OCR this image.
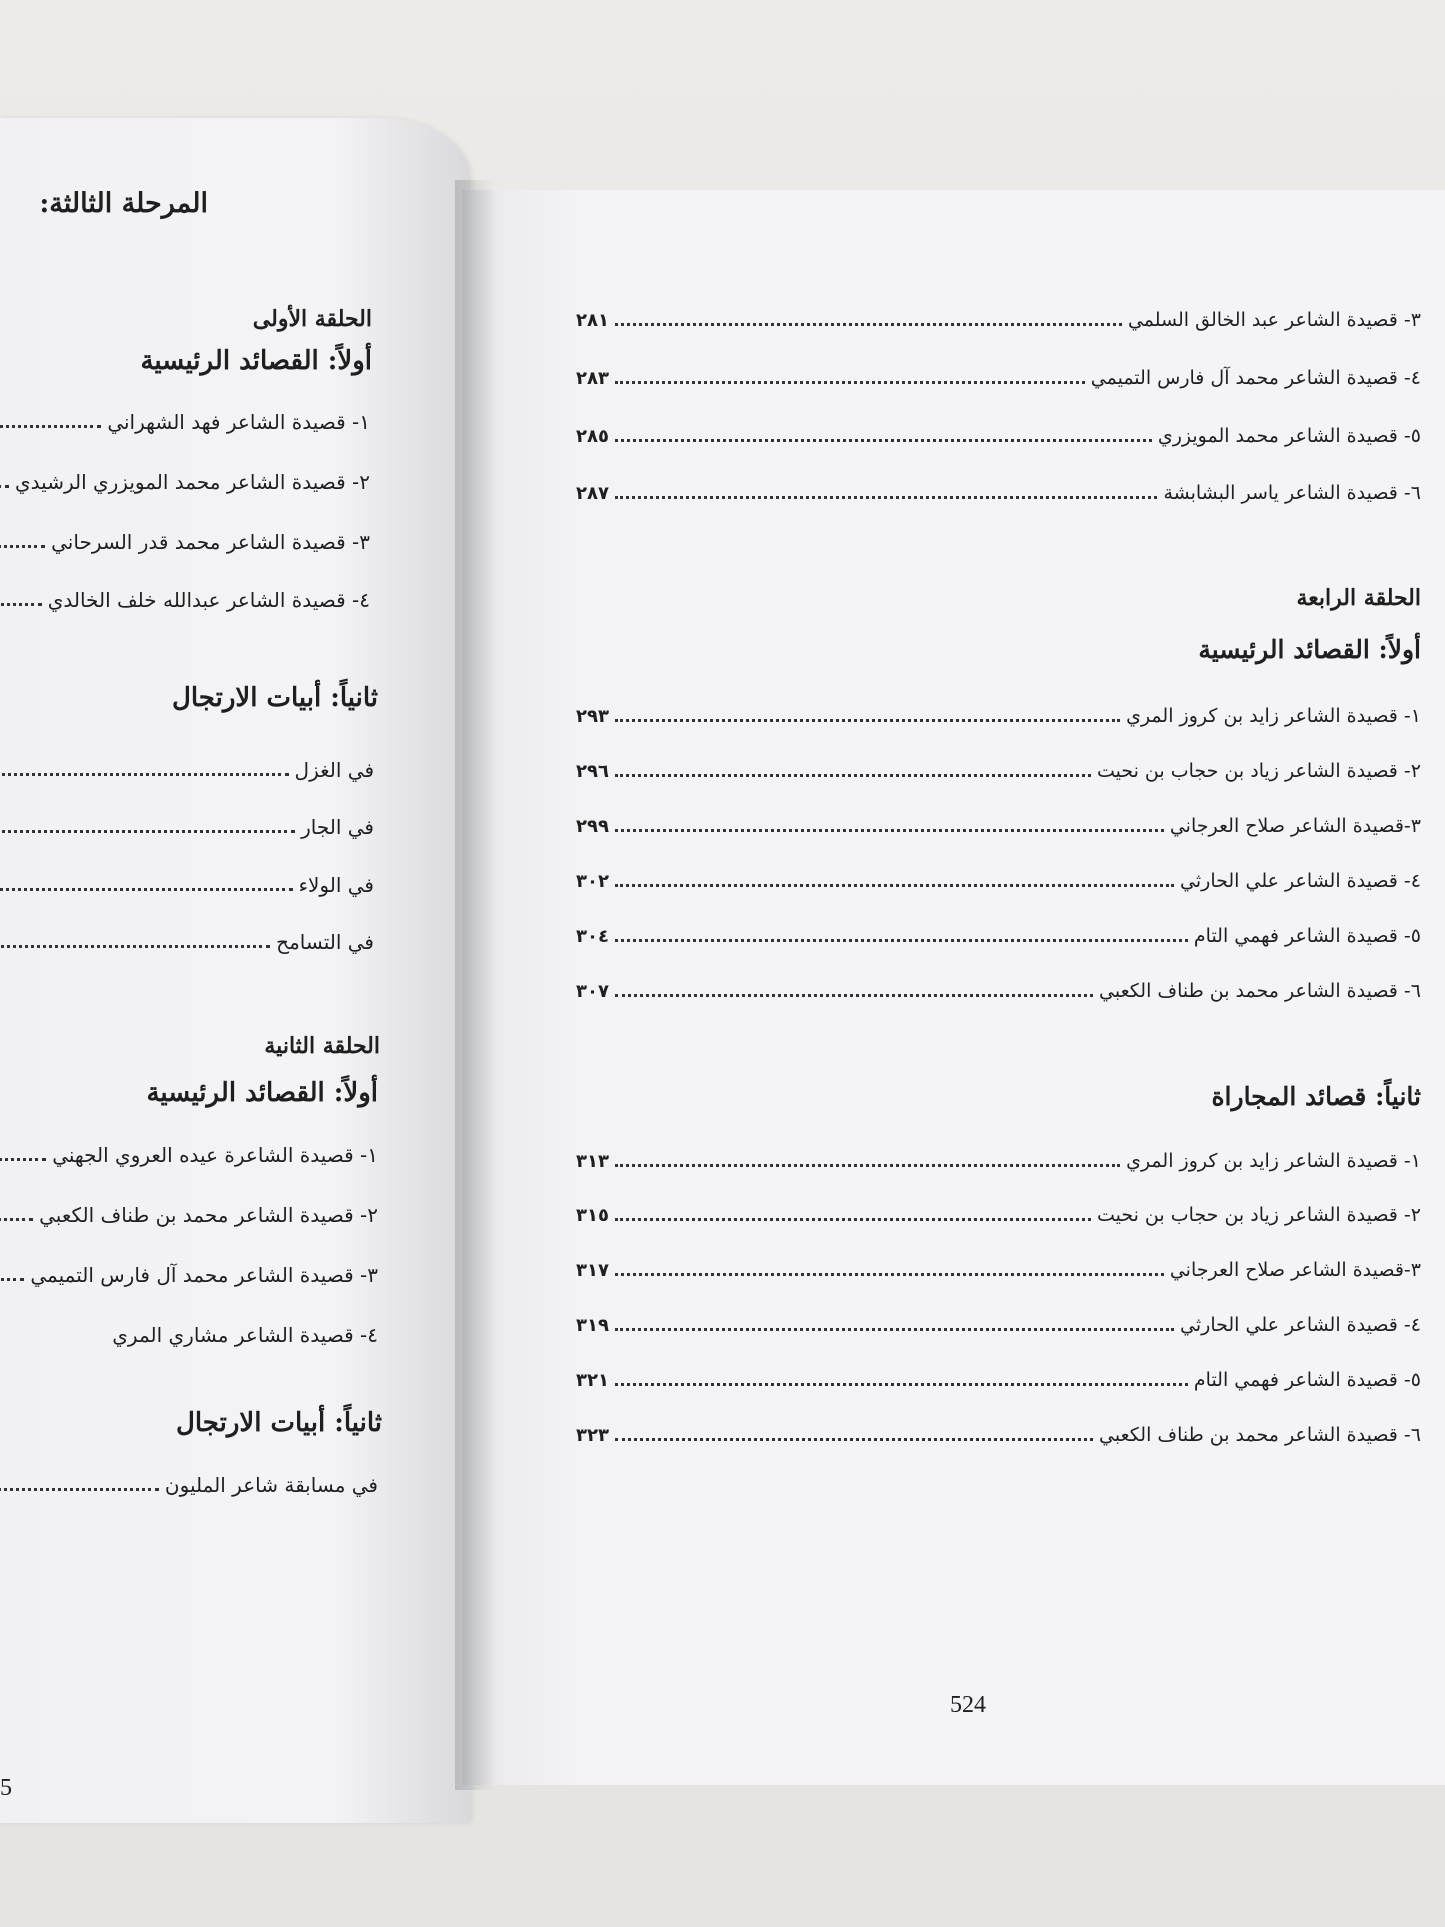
المرحلة الثالثة:
الحلقة الأولى
أولاً: القصائد الرئيسية
١- قصيدة الشاعر فهد الشهراني
٢- قصيدة الشاعر محمد المويزري الرشيدي
٣- قصيدة الشاعر محمد قدر السرحاني
٤- قصيدة الشاعر عبدالله خلف الخالدي
ثانياً: أبيات الارتجال
في الغزل
في الجار
في الولاء
في التسامح
الحلقة الثانية
أولاً: القصائد الرئيسية
١- قصيدة الشاعرة عيده العروي الجهني
٢- قصيدة الشاعر محمد بن طناف الكعبي
٣- قصيدة الشاعر محمد آل فارس التميمي
٤- قصيدة الشاعر مشاري المري
ثانياً: أبيات الارتجال
في مسابقة شاعر المليون
5
٣- قصيدة الشاعر عبد الخالق السلمي
٢٨١
٤- قصيدة الشاعر محمد آل فارس التميمي
٢٨٣
٥- قصيدة الشاعر محمد المويزري
٢٨٥
٦- قصيدة الشاعر ياسر البشابشة
٢٨٧
الحلقة الرابعة
أولاً: القصائد الرئيسية
١- قصيدة الشاعر زايد بن كروز المري
٢٩٣
٢- قصيدة الشاعر زياد بن حجاب بن نحيت
٢٩٦
٣-قصيدة الشاعر صلاح العرجاني
٢٩٩
٤- قصيدة الشاعر علي الحارثي
٣٠٢
٥- قصيدة الشاعر فهمي التام
٣٠٤
٦- قصيدة الشاعر محمد بن طناف الكعبي
٣٠٧
ثانياً: قصائد المجاراة
١- قصيدة الشاعر زايد بن كروز المري
٣١٣
٢- قصيدة الشاعر زياد بن حجاب بن نحيت
٣١٥
٣-قصيدة الشاعر صلاح العرجاني
٣١٧
٤- قصيدة الشاعر علي الحارثي
٣١٩
٥- قصيدة الشاعر فهمي التام
٣٢١
٦- قصيدة الشاعر محمد بن طناف الكعبي
٣٢٣
524
